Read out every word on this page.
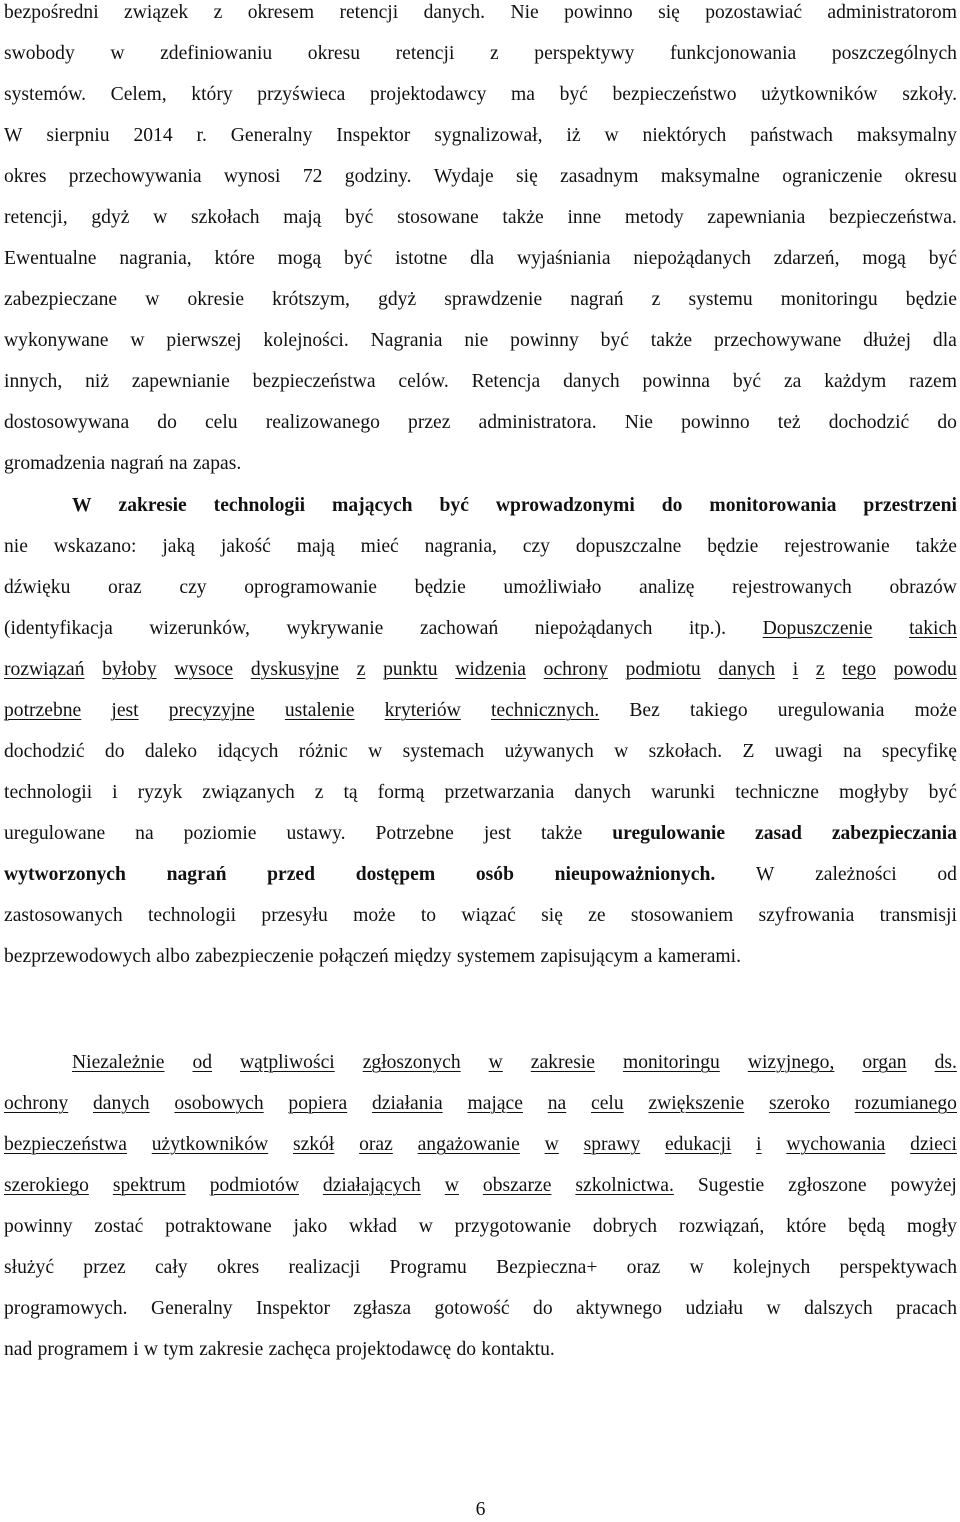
bezpośredni związek z okresem retencji danych. Nie powinno się pozostawiać administratorom
swobody w zdefiniowaniu okresu retencji z perspektywy funkcjonowania poszczególnych
systemów. Celem, który przyświeca projektodawcy ma być bezpieczeństwo użytkowników szkoły.
W sierpniu 2014 r. Generalny Inspektor sygnalizował, iż w niektórych państwach maksymalny
okres przechowywania wynosi 72 godziny. Wydaje się zasadnym maksymalne ograniczenie okresu
retencji, gdyż w szkołach mają być stosowane także inne metody zapewniania bezpieczeństwa.
Ewentualne nagrania, które mogą być istotne dla wyjaśniania niepożądanych zdarzeń, mogą być
zabezpieczane w okresie krótszym, gdyż sprawdzenie nagrań z systemu monitoringu będzie
wykonywane w pierwszej kolejności. Nagrania nie powinny być także przechowywane dłużej dla
innych, niż zapewnianie bezpieczeństwa celów. Retencja danych powinna być za każdym razem
dostosowywana do celu realizowanego przez administratora. Nie powinno też dochodzić do
gromadzenia nagrań na zapas.
W zakresie technologii mających być wprowadzonymi do monitorowania przestrzeni
nie wskazano: jaką jakość mają mieć nagrania, czy dopuszczalne będzie rejestrowanie także
dźwięku oraz czy oprogramowanie będzie umożliwiało analizę rejestrowanych obrazów
(identyfikacja wizerunków, wykrywanie zachowań niepożądanych itp.). Dopuszczenie takich
rozwiązań byłoby wysoce dyskusyjne z punktu widzenia ochrony podmiotu danych i z tego powodu
potrzebne jest precyzyjne ustalenie kryteriów technicznych. Bez takiego uregulowania może
dochodzić do daleko idących różnic w systemach używanych w szkołach. Z uwagi na specyfikę
technologii i ryzyk związanych z tą formą przetwarzania danych warunki techniczne mogłyby być
uregulowane na poziomie ustawy. Potrzebne jest także uregulowanie zasad zabezpieczania
wytworzonych nagrań przed dostępem osób nieupoważnionych. W zależności od
zastosowanych technologii przesyłu może to wiązać się ze stosowaniem szyfrowania transmisji
bezprzewodowych albo zabezpieczenie połączeń między systemem zapisującym a kamerami.
Niezależnie od wątpliwości zgłoszonych w zakresie monitoringu wizyjnego, organ ds.
ochrony danych osobowych popiera działania mające na celu zwiększenie szeroko rozumianego
bezpieczeństwa użytkowników szkół oraz angażowanie w sprawy edukacji i wychowania dzieci
szerokiego spektrum podmiotów działających w obszarze szkolnictwa. Sugestie zgłoszone powyżej
powinny zostać potraktowane jako wkład w przygotowanie dobrych rozwiązań, które będą mogły
służyć przez cały okres realizacji Programu Bezpieczna+ oraz w kolejnych perspektywach
programowych. Generalny Inspektor zgłasza gotowość do aktywnego udziału w dalszych pracach
nad programem i w tym zakresie zachęca projektodawcę do kontaktu.
6
